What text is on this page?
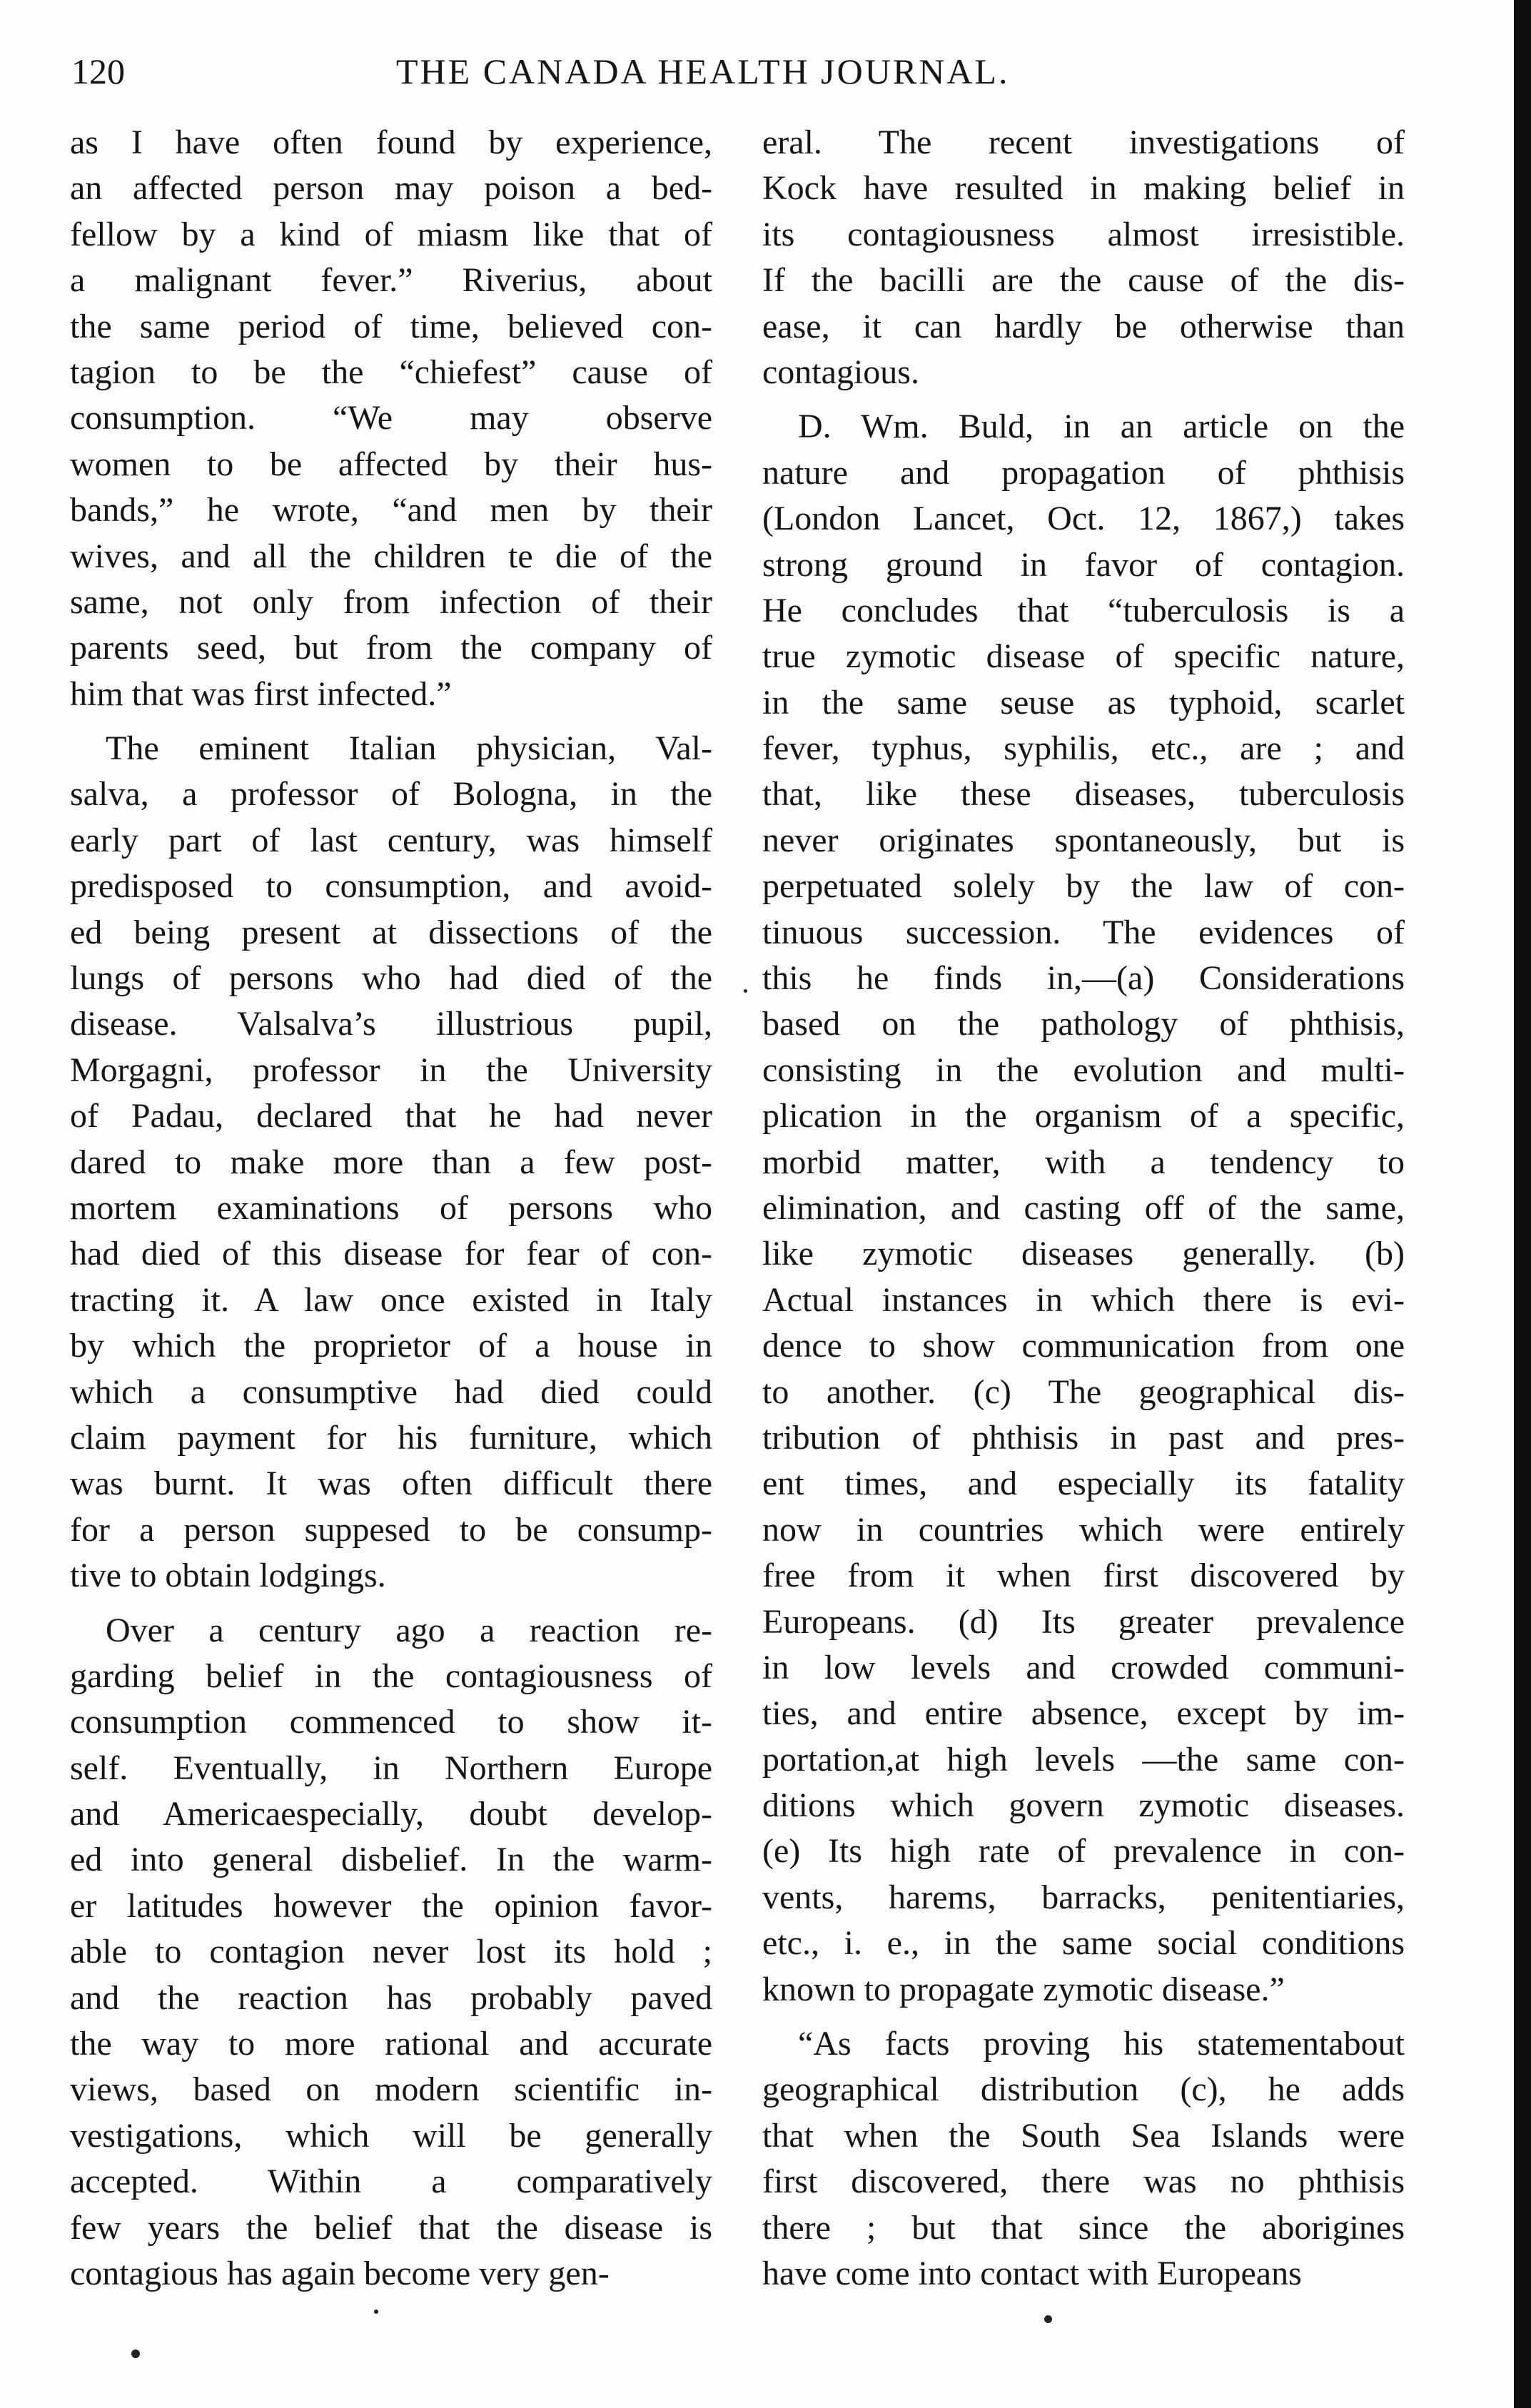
120	THE CANADA HEALTH JOURNAL.
as I have often found by experience,
an affected person may poison a bed-
fellow by a kind of miasm like that of
a malignant fever.” Riverius, about
the same period of time, believed con-
tagion to be the “chiefest” cause of
consumption. “We may observe
women to be affected by their hus-
bands,” he wrote, “and men by their
wives, and all the children te die of the
same, not only from infection of their
parents seed, but from the company of
him that was first infected.”
The eminent Italian physician, Val-
salva, a professor of Bologna, in the
early part of last century, was himself
predisposed to consumption, and avoid-
ed being present at dissections of the
lungs of persons who had died of the
disease. Valsalva’s illustrious pupil,
Morgagni, professor in the University
of Padau, declared that he had never
dared to make more than a few post-
mortem examinations of persons who
had died of this disease for fear of con-
tracting it. A law once existed in Italy
by which the proprietor of a house in
which a consumptive had died could
claim payment for his furniture, which
was burnt. It was often difficult there
for a person suppesed to be consump-
tive to obtain lodgings.
Over a century ago a reaction re-
garding belief in the contagiousness of
consumption commenced to show it-
self. Eventually, in Northern Europe
and Americaespecially, doubt develop-
ed into general disbelief. In the warm-
er latitudes however the opinion favor-
able to contagion never lost its hold ;
and the reaction has probably paved
the way to more rational and accurate
views, based on modern scientific in-
vestigations, which will be generally
accepted. Within a comparatively
few years the belief that the disease is
contagious has again become very gen-
eral. The recent investigations of
Kock have resulted in making belief in
its contagiousness almost irresistible.
If the bacilli are the cause of the dis-
ease, it can hardly be otherwise than
contagious.
D. Wm. Buld, in an article on the
nature and propagation of phthisis
(London Lancet, Oct. 12, 1867,) takes
strong ground in favor of contagion.
He concludes that “tuberculosis is a
true zymotic disease of specific nature,
in the same seuse as typhoid, scarlet
fever, typhus, syphilis, etc., are ; and
that, like these diseases, tuberculosis
never originates spontaneously, but is
perpetuated solely by the law of con-
tinuous succession. The evidences of
this he finds in,—(a) Considerations
based on the pathology of phthisis,
consisting in the evolution and multi-
plication in the organism of a specific,
morbid matter, with a tendency to
elimination, and casting off of the same,
like zymotic diseases generally. (b)
Actual instances in which there is evi-
dence to show communication from one
to another. (c) The geographical dis-
tribution of phthisis in past and pres-
ent times, and especially its fatality
now in countries which were entirely
free from it when first discovered by
Europeans. (d) Its greater prevalence
in low levels and crowded communi-
ties, and entire absence, except by im-
portation,at high levels —the same con-
ditions which govern zymotic diseases.
(e) Its high rate of prevalence in con-
vents, harems, barracks, penitentiaries,
etc., i. e., in the same social conditions
known to propagate zymotic disease.”
“As facts proving his statementabout
geographical distribution (c), he adds
that when the South Sea Islands were
first discovered, there was no phthisis
there ; but that since the aborigines
have come into contact with Europeans
